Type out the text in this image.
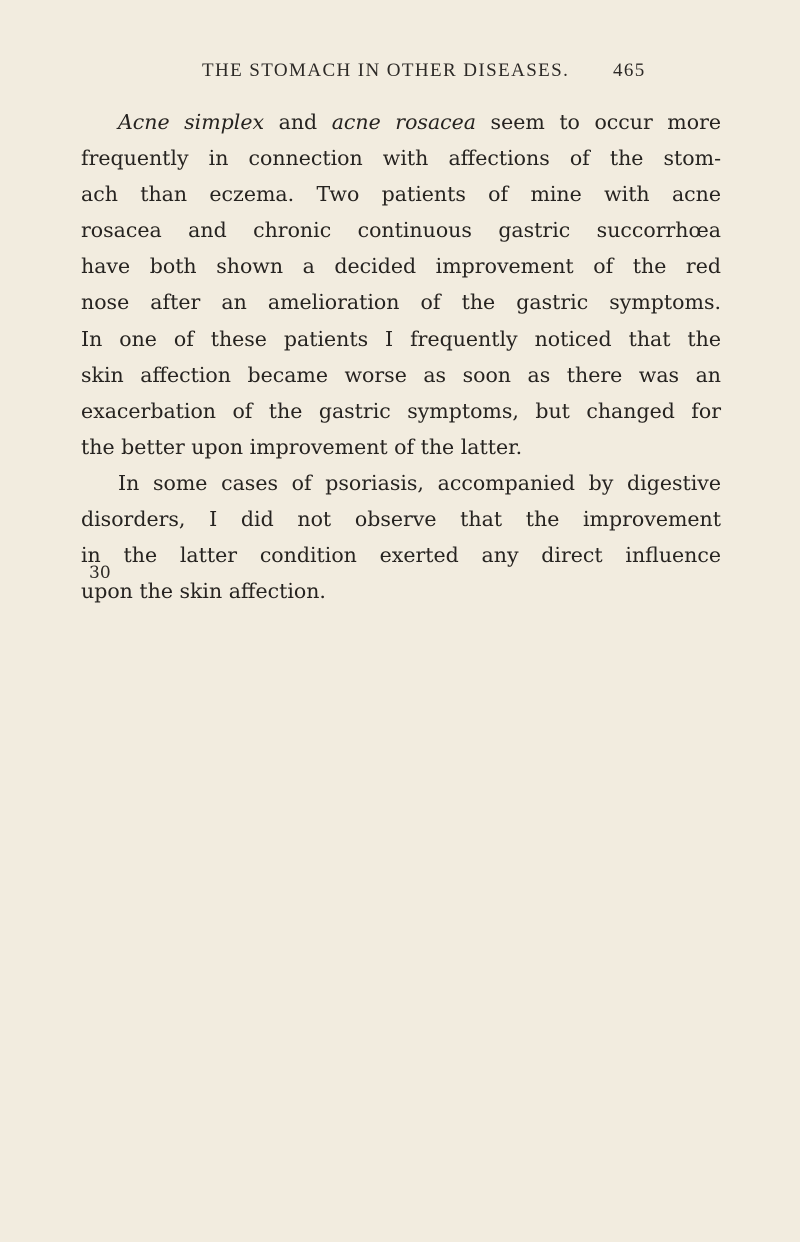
THE STOMACH IN OTHER DISEASES. 465
Acne simplex and acne rosacea seem to occur more
frequently in connection with affections of the stom-
ach than eczema. Two patients of mine with acne
rosacea and chronic continuous gastric succorrhœa
have both shown a decided improvement of the red
nose after an amelioration of the gastric symptoms.
In one of these patients I frequently noticed that the
skin affection became worse as soon as there was an
exacerbation of the gastric symptoms, but changed for
the better upon improvement of the latter.
In some cases of psoriasis, accompanied by digestive
disorders, I did not observe that the improvement
in the latter condition exerted any direct influence
upon the skin affection.
30
